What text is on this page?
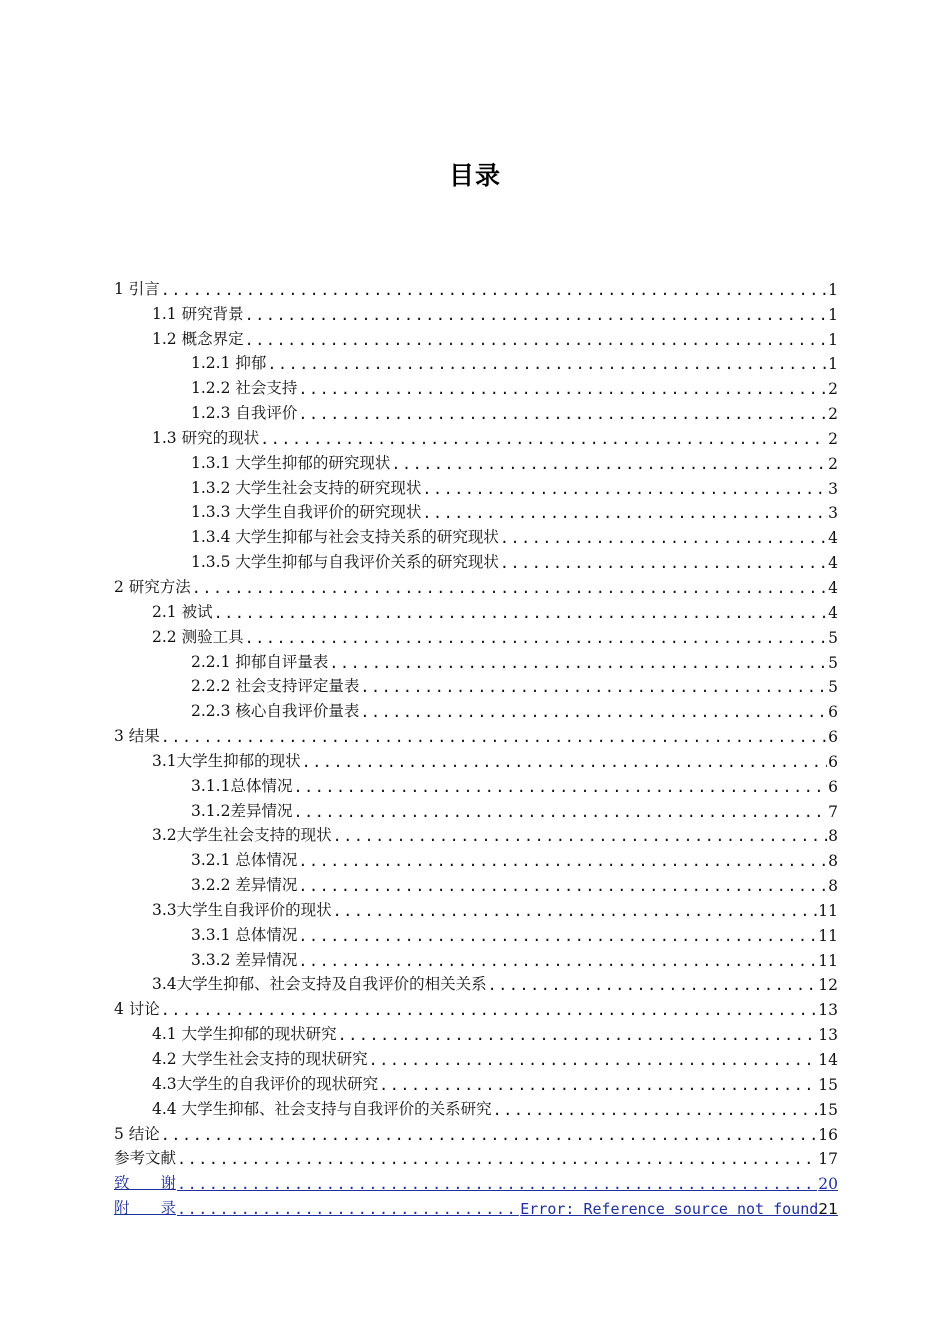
目录
1 引言 .....	1
1.1 研究背景 .....	1
1.2 概念界定 .....	1
1.2.1 抑郁 .....	1
1.2.2 社会支持 .....	2
1.2.3 自我评价 .....	2
1.3 研究的现状 .....	2
1.3.1 大学生抑郁的研究现状 .....	2
1.3.2 大学生社会支持的研究现状 .....	3
1.3.3 大学生自我评价的研究现状 .....	3
1.3.4 大学生抑郁与社会支持关系的研究现状 .....	4
1.3.5 大学生抑郁与自我评价关系的研究现状 .....	4
2 研究方法 .....	4
2.1 被试 .....	4
2.2 测验工具 .....	5
2.2.1 抑郁自评量表 .....	5
2.2.2 社会支持评定量表 .....	5
2.2.3 核心自我评价量表 .....	6
3 结果 .....	6
3.1大学生抑郁的现状 .....	6
3.1.1总体情况 .....	6
3.1.2差异情况 .....	7
3.2大学生社会支持的现状 .....	8
3.2.1 总体情况 .....	8
3.2.2 差异情况 .....	8
3.3大学生自我评价的现状 .....	11
3.3.1 总体情况 .....	11
3.3.2 差异情况 .....	11
3.4大学生抑郁、社会支持及自我评价的相关关系 .....	12
4 讨论 .....	13
4.1 大学生抑郁的现状研究 .....	13
4.2 大学生社会支持的现状研究 .....	14
4.3大学生的自我评价的现状研究 .....	15
4.4 大学生抑郁、社会支持与自我评价的关系研究 .....	15
5 结论 .....	16
参考文献 .....	17
致　　谢 .....	20
附　　录 .....	Error: Reference source not found 21
